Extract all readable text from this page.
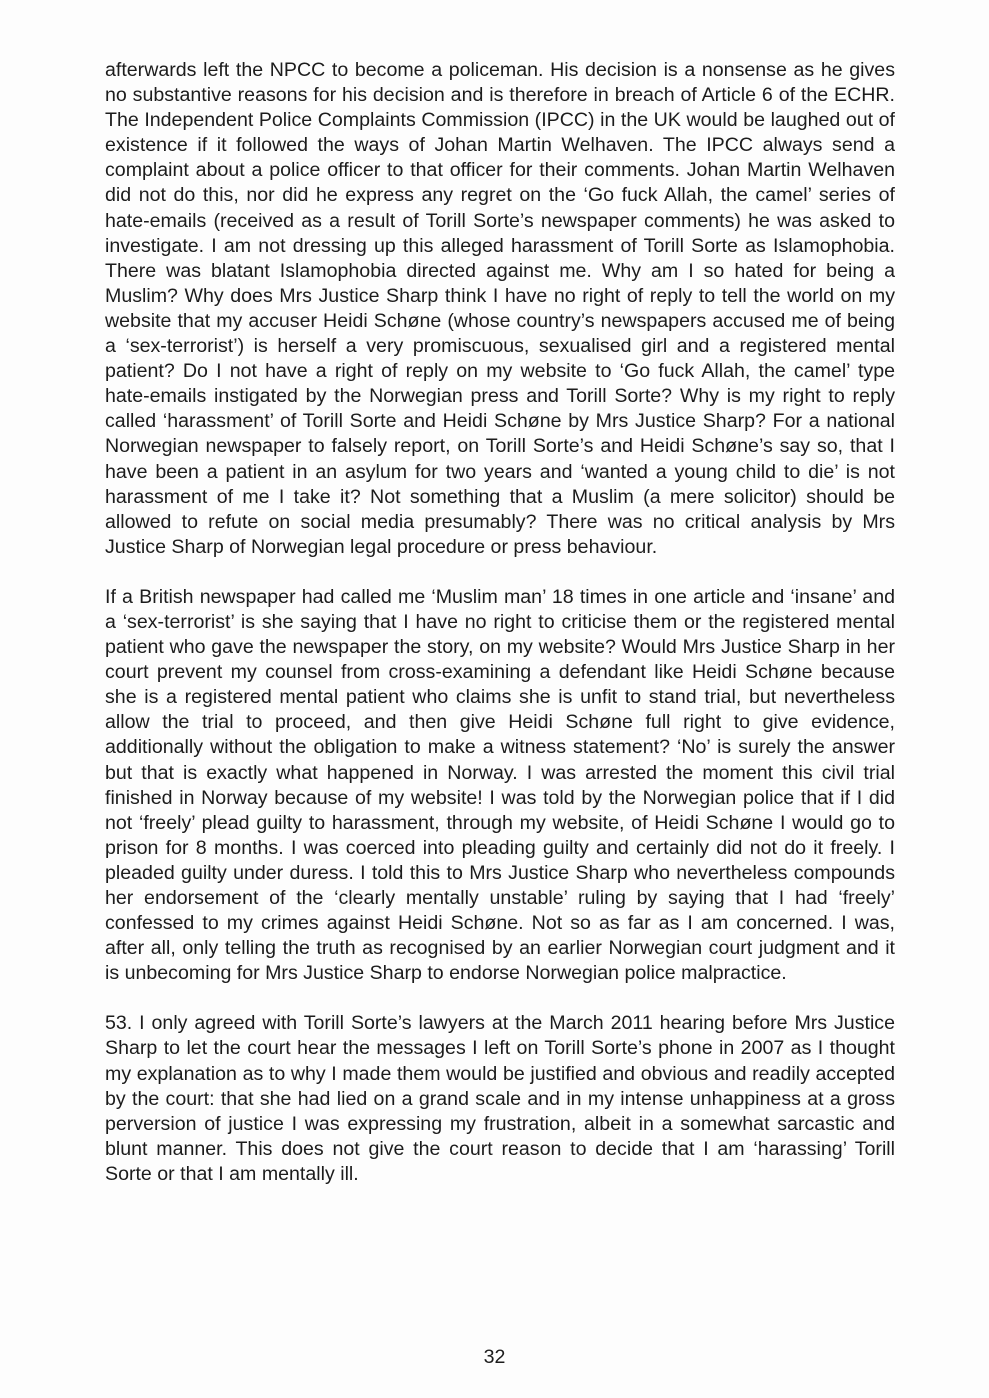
afterwards left the NPCC to become a policeman. His decision is a nonsense as he gives no substantive reasons for his decision and is therefore in breach of Article 6 of the ECHR. The Independent Police Complaints Commission (IPCC) in the UK would be laughed out of existence if it followed the ways of Johan Martin Welhaven. The IPCC always send a complaint about a police officer to that officer for their comments. Johan Martin Welhaven did not do this, nor did he express any regret on the ‘Go fuck Allah, the camel’ series of hate-emails (received as a result of Torill Sorte’s newspaper comments) he was asked to investigate. I am not dressing up this alleged harassment of Torill Sorte as Islamophobia. There was blatant Islamophobia directed against me. Why am I so hated for being a Muslim? Why does Mrs Justice Sharp think I have no right of reply to tell the world on my website that my accuser Heidi Schøne (whose country’s newspapers accused me of being a ‘sex-terrorist’) is herself a very promiscuous, sexualised girl and a registered mental patient? Do I not have a right of reply on my website to ‘Go fuck Allah, the camel’ type hate-emails instigated by the Norwegian press and Torill Sorte? Why is my right to reply called ‘harassment’ of Torill Sorte and Heidi Schøne by Mrs Justice Sharp? For a national Norwegian newspaper to falsely report, on Torill Sorte’s and Heidi Schøne’s say so, that I have been a patient in an asylum for two years and ‘wanted a young child to die’ is not harassment of me I take it? Not something that a Muslim (a mere solicitor) should be allowed to refute on social media presumably? There was no critical analysis by Mrs Justice Sharp of Norwegian legal procedure or press behaviour.

If a British newspaper had called me ‘Muslim man’ 18 times in one article and ‘insane’ and a ‘sex-terrorist’ is she saying that I have no right to criticise them or the registered mental patient who gave the newspaper the story, on my website? Would Mrs Justice Sharp in her court prevent my counsel from cross-examining a defendant like Heidi Schøne because she is a registered mental patient who claims she is unfit to stand trial, but nevertheless allow the trial to proceed, and then give Heidi Schøne full right to give evidence, additionally without the obligation to make a witness statement? ‘No’ is surely the answer but that is exactly what happened in Norway. I was arrested the moment this civil trial finished in Norway because of my website! I was told by the Norwegian police that if I did not ‘freely’ plead guilty to harassment, through my website, of Heidi Schøne I would go to prison for 8 months. I was coerced into pleading guilty and certainly did not do it freely. I pleaded guilty under duress. I told this to Mrs Justice Sharp who nevertheless compounds her endorsement of the ‘clearly mentally unstable’ ruling by saying that I had ‘freely’ confessed to my crimes against Heidi Schøne. Not so as far as I am concerned. I was, after all, only telling the truth as recognised by an earlier Norwegian court judgment and it is unbecoming for Mrs Justice Sharp to endorse Norwegian police malpractice.

53. I only agreed with Torill Sorte’s lawyers at the March 2011 hearing before Mrs Justice Sharp to let the court hear the messages I left on Torill Sorte’s phone in 2007 as I thought my explanation as to why I made them would be justified and obvious and readily accepted by the court: that she had lied on a grand scale and in my intense unhappiness at a gross perversion of justice I was expressing my frustration, albeit in a somewhat sarcastic and blunt manner. This does not give the court reason to decide that I am ‘harassing’ Torill Sorte or that I am mentally ill.

32
